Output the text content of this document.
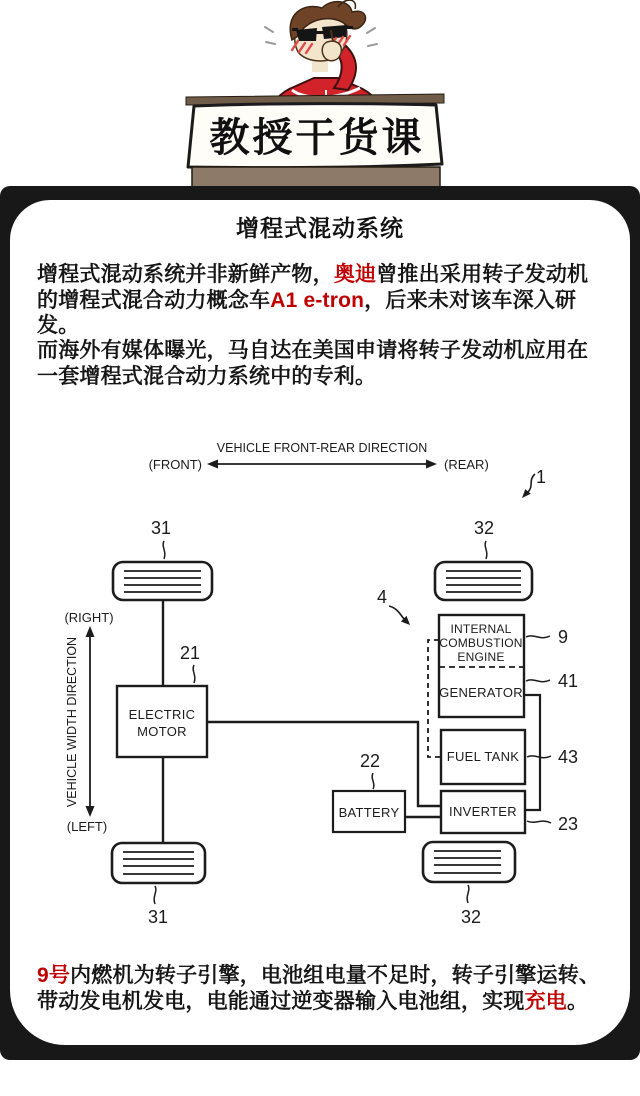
教授干货课
增程式混动系统
增程式混动系统并非新鲜产物，奥迪曾推出采用转子发动机的增程式混合动力概念车A1 e-tron，后来未对该车深入研发。
而海外有媒体曝光，马自达在美国申请将转子发动机应用在一套增程式混合动力系统中的专利。
VEHICLE FRONT-REAR DIRECTION
(FRONT)	(REAR)
1
4
(RIGHT)
(LEFT)
VEHICLE WIDTH DIRECTION
31	32
31	32
ELECTRIC
MOTOR
21
BATTERY
22
INTERNAL
COMBUSTION
ENGINE
GENERATOR
FUEL TANK
INVERTER
9
41
43
23
9号内燃机为转子引擎，电池组电量不足时，转子引擎运转、带动发电机发电，电能通过逆变器输入电池组，实现充电。
